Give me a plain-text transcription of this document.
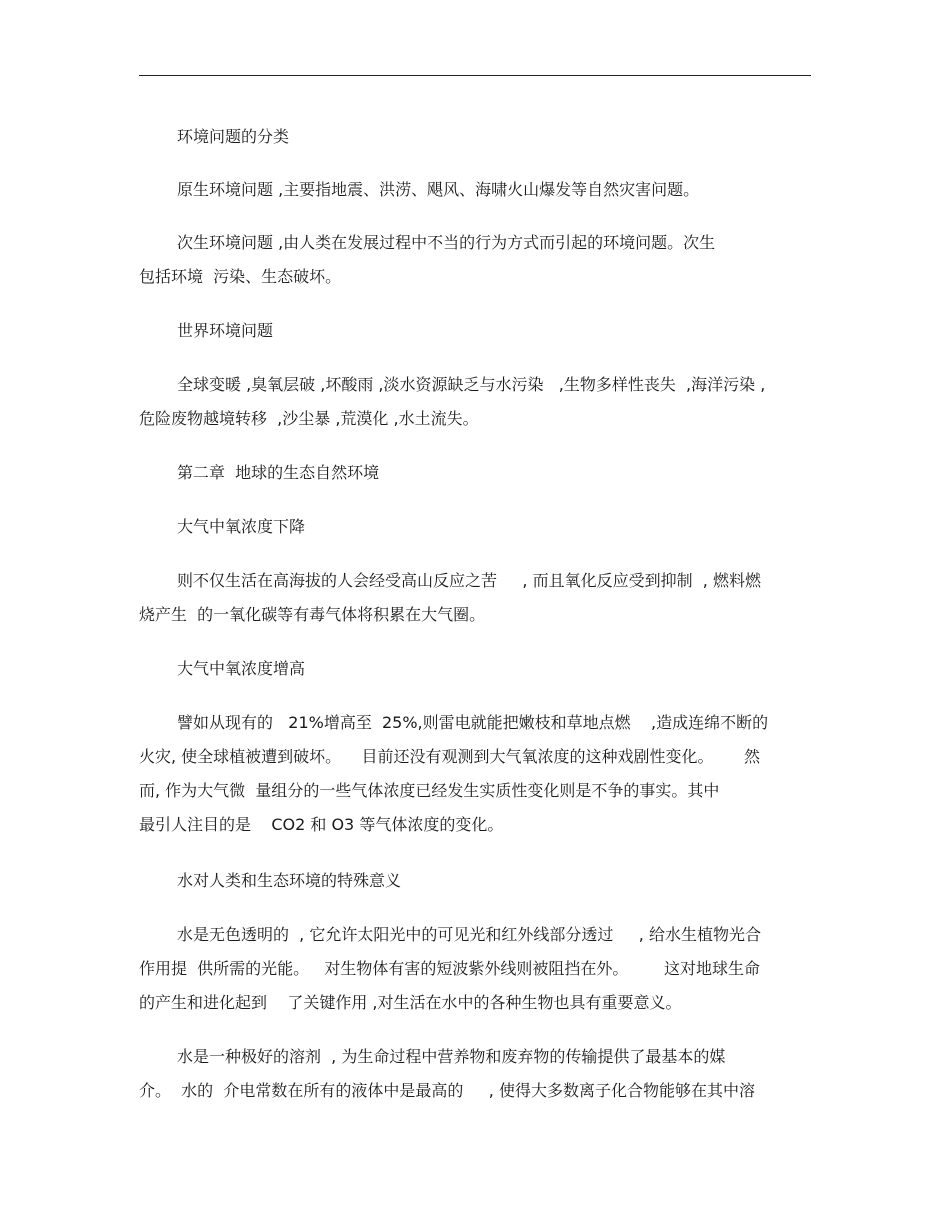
环境问题的分类
原生环境问题 ,主要指地震、洪涝、飓风、海啸火山爆发等自然灾害问题。
次生环境问题 ,由人类在发展过程中不当的行为方式而引起的环境问题。次生
包括环境  污染、生态破坏。
世界环境问题
全球变暖 ,臭氧层破 ,坏酸雨 ,淡水资源缺乏与水污染   ,生物多样性丧失  ,海洋污染 ,
危险废物越境转移  ,沙尘暴 ,荒漠化 ,水土流失。
第二章  地球的生态自然环境
大气中氧浓度下降
则不仅生活在高海拔的人会经受高山反应之苦     , 而且氧化反应受到抑制  , 燃料燃
烧产生  的一氧化碳等有毒气体将积累在大气圈。
大气中氧浓度增高
譬如从现有的   21%增高至  25%,则雷电就能把嫩枝和草地点燃    ,造成连绵不断的
火灾, 使全球植被遭到破坏。    目前还没有观测到大气氧浓度的这种戏剧性变化。      然
而, 作为大气微  量组分的一些气体浓度已经发生实质性变化则是不争的事实。其中
最引人注目的是    CO2 和 O3 等气体浓度的变化。
水对人类和生态环境的特殊意义
水是无色透明的  , 它允许太阳光中的可见光和红外线部分透过     , 给水生植物光合
作用提  供所需的光能。   对生物体有害的短波紫外线则被阻挡在外。       这对地球生命
的产生和进化起到    了关键作用 ,对生活在水中的各种生物也具有重要意义。
水是一种极好的溶剂  , 为生命过程中营养物和废弃物的传输提供了最基本的媒
介。  水的  介电常数在所有的液体中是最高的     , 使得大多数离子化合物能够在其中溶
